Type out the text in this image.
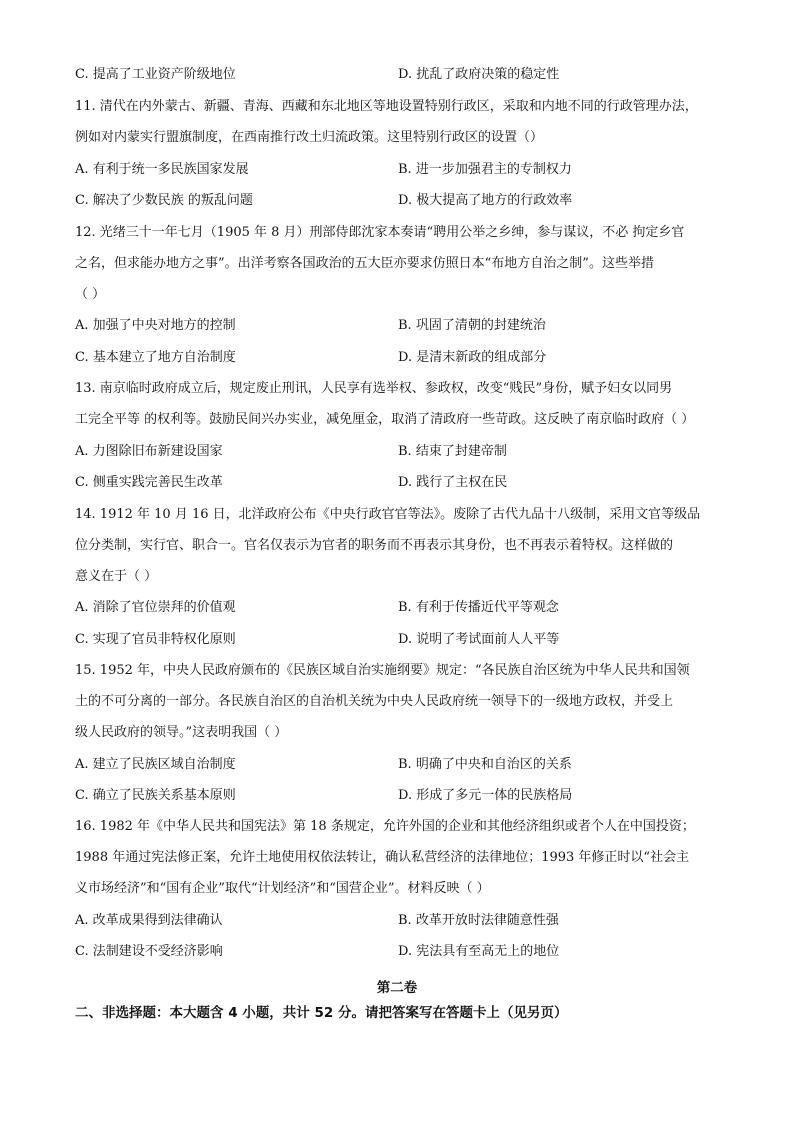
C. 提高了工业资产阶级地位	D. 扰乱了政府决策的稳定性
11. 清代在内外蒙古、新疆、青海、西藏和东北地区等地设置特别行政区，采取和内地不同的行政管理办法，
例如对内蒙实行盟旗制度，在西南推行改土归流政策。这里特别行政区的设置（）
A. 有利于统一多民族国家发展	B. 进一步加强君主的专制权力
C. 解决了少数民族 的叛乱问题	D. 极大提高了地方的行政效率
12. 光绪三十一年七月（1905 年 8 月）刑部侍郎沈家本奏请“聘用公举之乡绅，参与谋议，不必 拘定乡官
之名，但求能办地方之事”。出洋考察各国政治的五大臣亦要求仿照日本“布地方自治之制”。这些举措
（ ）
A. 加强了中央对地方的控制	B. 巩固了清朝的封建统治
C. 基本建立了地方自治制度	D. 是清末新政的组成部分
13. 南京临时政府成立后，规定废止刑讯，人民享有选举权、参政权，改变“贱民”身份，赋予妇女以同男
工完全平等 的权利等。鼓励民间兴办实业，减免厘金，取消了清政府一些苛政。这反映了南京临时政府（ ）
A. 力图除旧布新建设国家	B. 结束了封建帝制
C. 侧重实践完善民生改革	D. 践行了主权在民
14. 1912 年 10 月 16 日，北洋政府公布《中央行政官官等法》。废除了古代九品十八级制，采用文官等级品
位分类制，实行官、职合一。官名仅表示为官者的职务而不再表示其身份，也不再表示着特权。这样做的
意义在于（ ）
A. 消除了官位崇拜的价值观	B. 有利于传播近代平等观念
C. 实现了官员非特权化原则	D. 说明了考试面前人人平等
15. 1952 年，中央人民政府颁布的《民族区域自治实施纲要》规定：“各民族自治区统为中华人民共和国领
土的不可分离的一部分。各民族自治区的自治机关统为中央人民政府统一领导下的一级地方政权，并受上
级人民政府的领导。”这表明我国（ ）
A. 建立了民族区域自治制度	B. 明确了中央和自治区的关系
C. 确立了民族关系基本原则	D. 形成了多元一体的民族格局
16. 1982 年《中华人民共和国宪法》第 18 条规定，允许外国的企业和其他经济组织或者个人在中国投资；
1988 年通过宪法修正案，允许土地使用权依法转让，确认私营经济的法律地位；1993 年修正时以“社会主
义市场经济”和“国有企业”取代“计划经济”和“国营企业”。材料反映（ ）
A. 改革成果得到法律确认	B. 改革开放时法律随意性强
C. 法制建设不受经济影响	D. 宪法具有至高无上的地位
第二卷
二、非选择题：本大题含 4 小题，共计 52 分。请把答案写在答题卡上（见另页）
